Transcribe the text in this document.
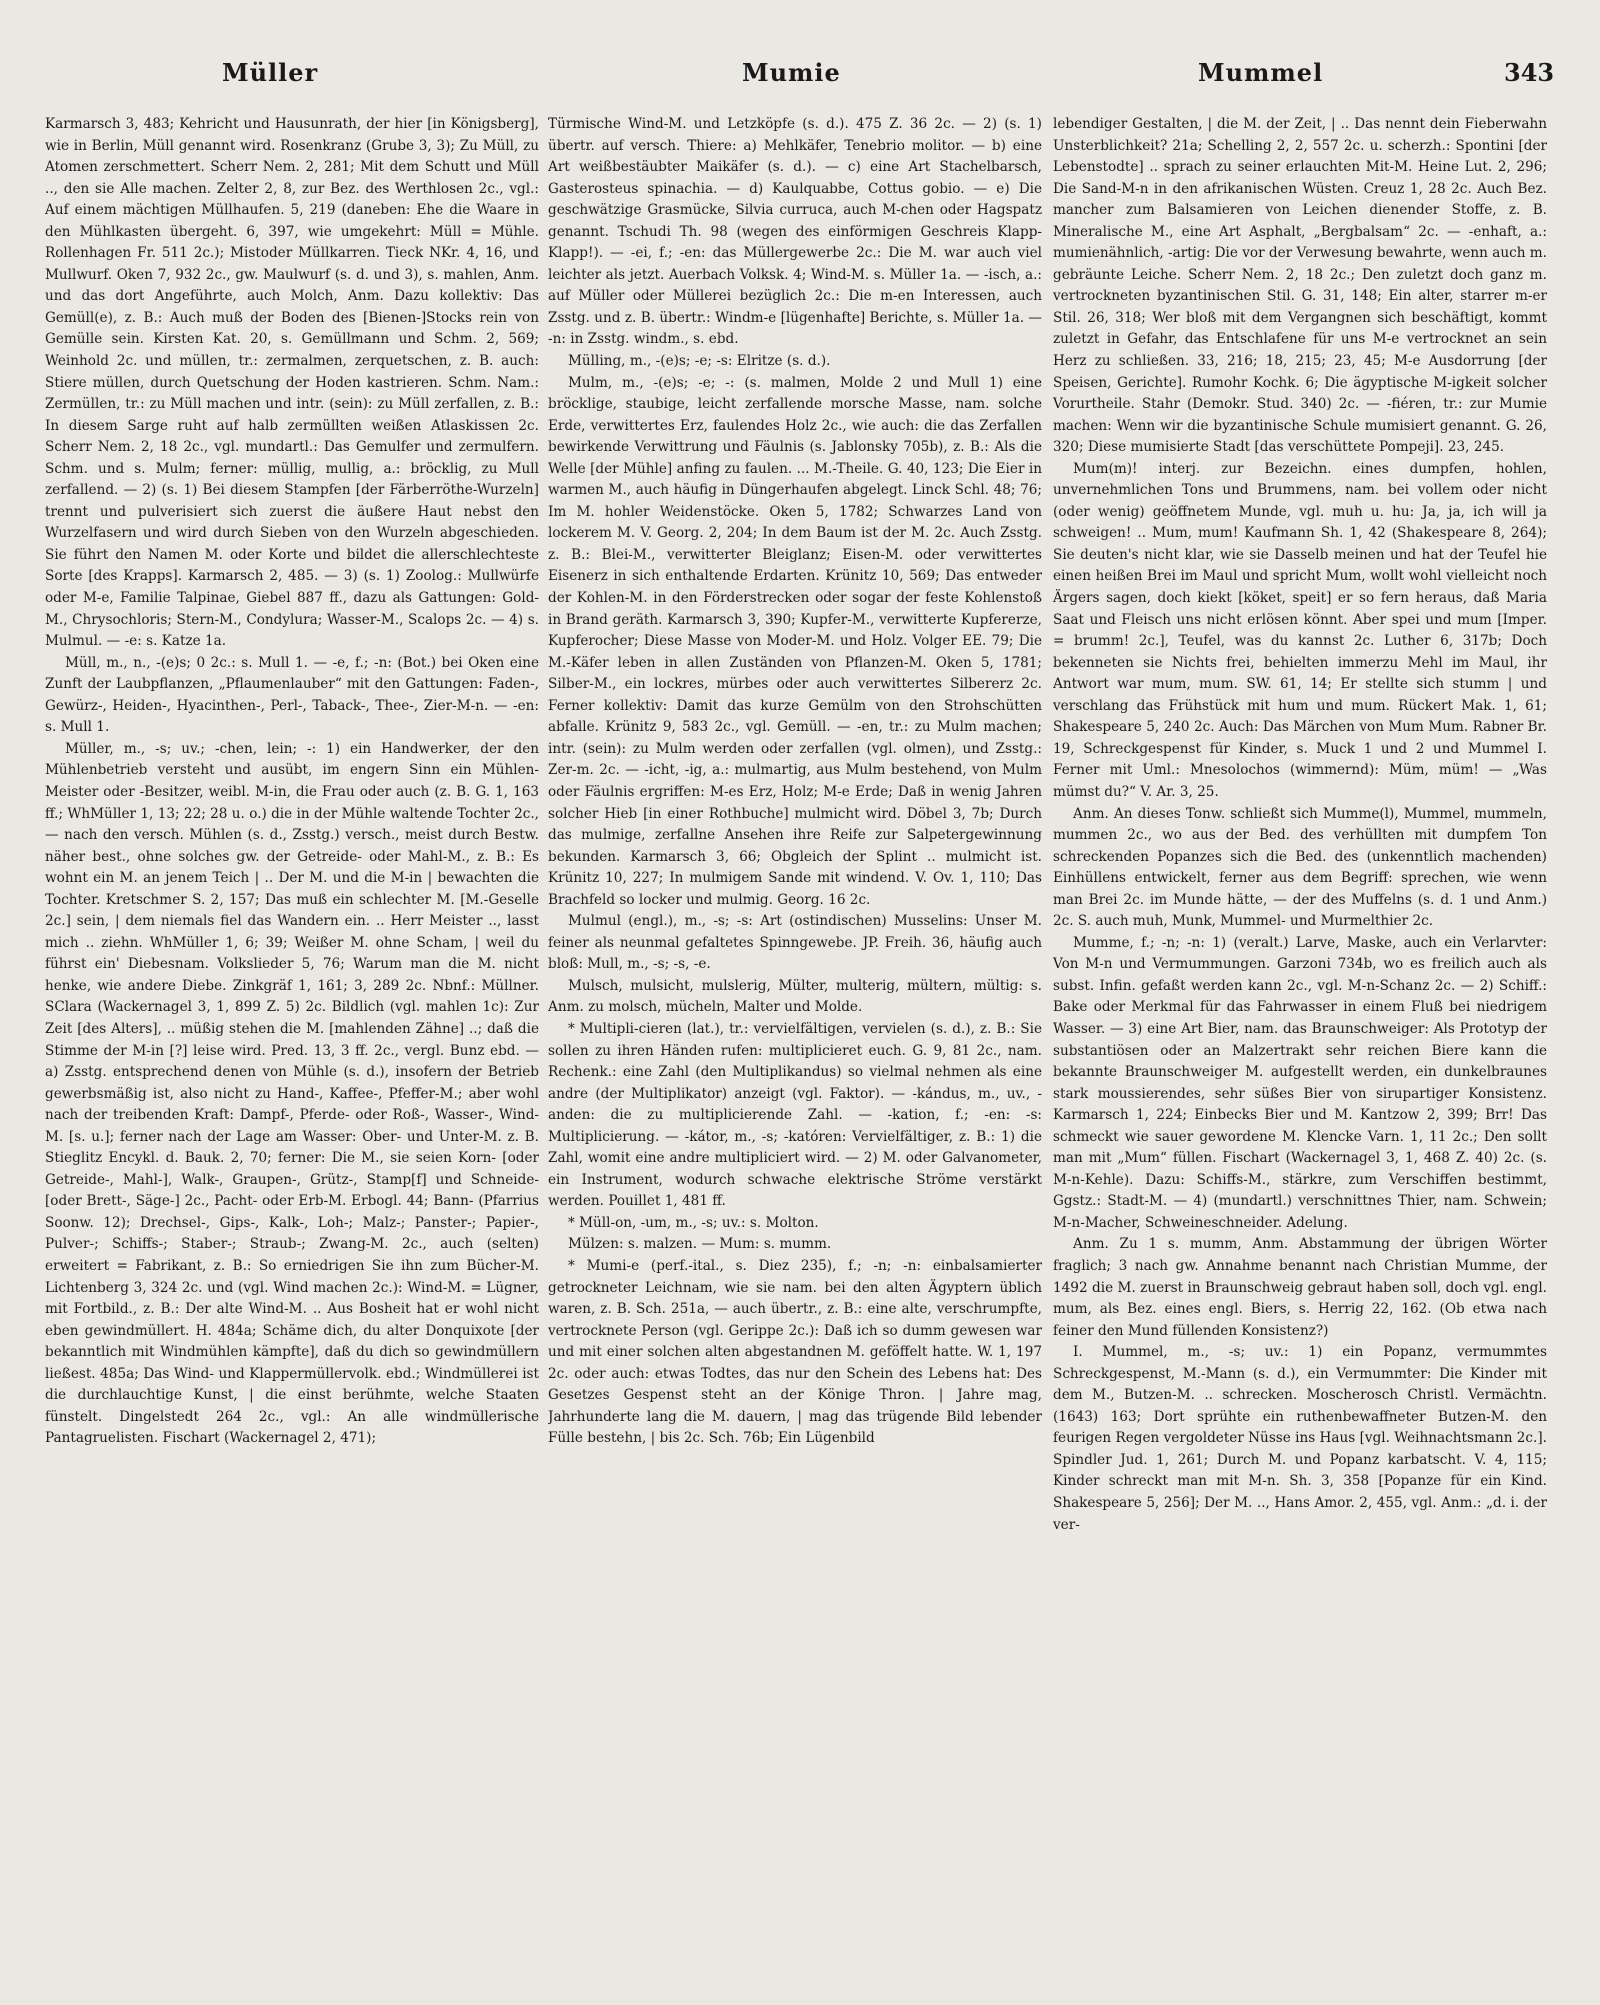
Müller	Mumie	Mummel	343

Karmarsch 3, 483; Kehricht und Hausunrath, der hier [in Königsberg], wie in Berlin, Müll genannt wird. Rosenkranz (Grube 3, 3); Zu Müll, zu Atomen zerschmettert. Scherr Nem. 2, 281; Mit dem Schutt und Müll .., den sie Alle machen. Zelter 2, 8, zur Bez. des Werthlosen 2c., vgl.: Auf einem mächtigen Müllhaufen. 5, 219 (daneben: Ehe die Waare in den Mühlkasten übergeht. 6, 397, wie umgekehrt: Müll = Mühle. Rollenhagen Fr. 511 2c.); Mistoder Müllkarren. Tieck NKr. 4, 16, und Mullwurf. Oken 7, 932 2c., gw. Maulwurf (s. d. und 3), s. mahlen, Anm. und das dort Angeführte, auch Molch, Anm. Dazu kollektiv: Das Gemüll(e), z. B.: Auch muß der Boden des [Bienen-]Stocks rein von Gemülle sein. Kirsten Kat. 20, s. Gemüllmann und Schm. 2, 569; Weinhold 2c. und müllen, tr.: zermalmen, zerquetschen, z. B. auch: Stiere müllen, durch Quetschung der Hoden kastrieren. Schm. Nam.: Zermüllen, tr.: zu Müll machen und intr. (sein): zu Müll zerfallen, z. B.: In diesem Sarge ruht auf halb zermüllten weißen Atlaskissen 2c. Scherr Nem. 2, 18 2c., vgl. mundartl.: Das Gemulfer und zermulfern. Schm. und s. Mulm; ferner: müllig, mullig, a.: bröcklig, zu Mull zerfallend. — 2) (s. 1) Bei diesem Stampfen [der Färberröthe-Wurzeln] trennt und pulverisiert sich zuerst die äußere Haut nebst den Wurzelfasern und wird durch Sieben von den Wurzeln abgeschieden. Sie führt den Namen M. oder Korte und bildet die allerschlechteste Sorte [des Krapps]. Karmarsch 2, 485. — 3) (s. 1) Zoolog.: Mullwürfe oder M-e, Familie Talpinae, Giebel 887 ff., dazu als Gattungen: Gold-M., Chrysochloris; Stern-M., Condylura; Wasser-M., Scalops 2c. — 4) s. Mulmul. — -e: s. Katze 1a.

Müll, m., n., -(e)s; 0 2c.: s. Mull 1. — -e, f.; -n: (Bot.) bei Oken eine Zunft der Laubpflanzen, „Pflaumenlauber“ mit den Gattungen: Faden-, Gewürz-, Heiden-, Hyacinthen-, Perl-, Taback-, Thee-, Zier-M-n. — -en: s. Mull 1.

Müller, m., -s; uv.; -chen, lein; -: 1) ein Handwerker, der den Mühlenbetrieb versteht und ausübt, im engern Sinn ein Mühlen-Meister oder -Besitzer, weibl. M-in, die Frau oder auch (z. B. G. 1, 163 ff.; WhMüller 1, 13; 22; 28 u. o.) die in der Mühle waltende Tochter 2c., — nach den versch. Mühlen (s. d., Zsstg.) versch., meist durch Bestw. näher best., ohne solches gw. der Getreide- oder Mahl-M., z. B.: Es wohnt ein M. an jenem Teich | .. Der M. und die M-in | bewachten die Tochter. Kretschmer S. 2, 157; Das muß ein schlechter M. [M.-Geselle 2c.] sein, | dem niemals fiel das Wandern ein. .. Herr Meister .., lasst mich .. ziehn. WhMüller 1, 6; 39; Weißer M. ohne Scham, | weil du führst ein' Diebesnam. Volkslieder 5, 76; Warum man die M. nicht henke, wie andere Diebe. Zinkgräf 1, 161; 3, 289 2c. Nbnf.: Müllner. SClara (Wackernagel 3, 1, 899 Z. 5) 2c. Bildlich (vgl. mahlen 1c): Zur Zeit [des Alters], .. müßig stehen die M. [mahlenden Zähne] ..; daß die Stimme der M-in [?] leise wird. Pred. 13, 3 ff. 2c., vergl. Bunz ebd. — a) Zsstg. entsprechend denen von Mühle (s. d.), insofern der Betrieb gewerbsmäßig ist, also nicht zu Hand-, Kaffee-, Pfeffer-M.; aber wohl nach der treibenden Kraft: Dampf-, Pferde- oder Roß-, Wasser-, Wind-M. [s. u.]; ferner nach der Lage am Wasser: Ober- und Unter-M. z. B. Stieglitz Encykl. d. Bauk. 2, 70; ferner: Die M., sie seien Korn- [oder Getreide-, Mahl-], Walk-, Graupen-, Grütz-, Stamp[f] und Schneide- [oder Brett-, Säge-] 2c., Pacht- oder Erb-M. Erbogl. 44; Bann- (Pfarrius Soonw. 12); Drechsel-, Gips-, Kalk-, Loh-; Malz-; Panster-; Papier-, Pulver-; Schiffs-; Staber-; Straub-; Zwang-M. 2c., auch (selten) erweitert = Fabrikant, z. B.: So erniedrigen Sie ihn zum Bücher-M. Lichtenberg 3, 324 2c. und (vgl. Wind machen 2c.): Wind-M. = Lügner, mit Fortbild., z. B.: Der alte Wind-M. .. Aus Bosheit hat er wohl nicht eben gewindmüllert. H. 484a; Schäme dich, du alter Donquixote [der bekanntlich mit Windmühlen kämpfte], daß du dich so gewindmüllern ließest. 485a; Das Wind- und Klappermüllervolk. ebd.; Windmüllerei ist die durchlauchtige Kunst, | die einst berühmte, welche Staaten fünstelt. Dingelstedt 264 2c., vgl.: An alle windmüllerische Pantagruelisten. Fischart (Wackernagel 2, 471);

Türmische Wind-M. und Letzköpfe (s. d.). 475 Z. 36 2c. — 2) (s. 1) übertr. auf versch. Thiere: a) Mehlkäfer, Tenebrio molitor. — b) eine Art weißbestäubter Maikäfer (s. d.). — c) eine Art Stachelbarsch, Gasterosteus spinachia. — d) Kaulquabbe, Cottus gobio. — e) Die geschwätzige Grasmücke, Silvia curruca, auch M-chen oder Hagspatz genannt. Tschudi Th. 98 (wegen des einförmigen Geschreis Klapp-Klapp!). — -ei, f.; -en: das Müllergewerbe 2c.: Die M. war auch viel leichter als jetzt. Auerbach Volksk. 4; Wind-M. s. Müller 1a. — -isch, a.: auf Müller oder Müllerei bezüglich 2c.: Die m-en Interessen, auch Zsstg. und z. B. übertr.: Windm-e [lügenhafte] Berichte, s. Müller 1a. — -n: in Zsstg. windm., s. ebd.

Mülling, m., -(e)s; -e; -s: Elritze (s. d.).

Mulm, m., -(e)s; -e; -: (s. malmen, Molde 2 und Mull 1) eine bröcklige, staubige, leicht zerfallende morsche Masse, nam. solche Erde, verwittertes Erz, faulendes Holz 2c., wie auch: die das Zerfallen bewirkende Verwittrung und Fäulnis (s. Jablonsky 705b), z. B.: Als die Welle [der Mühle] anfing zu faulen. ... M.-Theile. G. 40, 123; Die Eier in warmen M., auch häufig in Düngerhaufen abgelegt. Linck Schl. 48; 76; Im M. hohler Weidenstöcke. Oken 5, 1782; Schwarzes Land von lockerem M. V. Georg. 2, 204; In dem Baum ist der M. 2c. Auch Zsstg. z. B.: Blei-M., verwitterter Bleiglanz; Eisen-M. oder verwittertes Eisenerz in sich enthaltende Erdarten. Krünitz 10, 569; Das entweder der Kohlen-M. in den Förderstrecken oder sogar der feste Kohlenstoß in Brand geräth. Karmarsch 3, 390; Kupfer-M., verwitterte Kupfererze, Kupferocher; Diese Masse von Moder-M. und Holz. Volger EE. 79; Die M.-Käfer leben in allen Zuständen von Pflanzen-M. Oken 5, 1781; Silber-M., ein lockres, mürbes oder auch verwittertes Silbererz 2c. Ferner kollektiv: Damit das kurze Gemülm von den Strohschütten abfalle. Krünitz 9, 583 2c., vgl. Gemüll. — -en, tr.: zu Mulm machen; intr. (sein): zu Mulm werden oder zerfallen (vgl. olmen), und Zsstg.: Zer-m. 2c. — -icht, -ig, a.: mulmartig, aus Mulm bestehend, von Mulm oder Fäulnis ergriffen: M-es Erz, Holz; M-e Erde; Daß in wenig Jahren solcher Hieb [in einer Rothbuche] mulmicht wird. Döbel 3, 7b; Durch das mulmige, zerfallne Ansehen ihre Reife zur Salpetergewinnung bekunden. Karmarsch 3, 66; Obgleich der Splint .. mulmicht ist. Krünitz 10, 227; In mulmigem Sande mit windend. V. Ov. 1, 110; Das Brachfeld so locker und mulmig. Georg. 16 2c.

Mulmul (engl.), m., -s; -s: Art (ostindischen) Musselins: Unser M. feiner als neunmal gefaltetes Spinngewebe. JP. Freih. 36, häufig auch bloß: Mull, m., -s; -s, -e.

Mulsch, mulsicht, mulslerig, Mülter, multerig, mültern, mültig: s. Anm. zu molsch, mücheln, Malter und Molde.

* Multipli-cieren (lat.), tr.: vervielfältigen, vervielen (s. d.), z. B.: Sie sollen zu ihren Händen rufen: multiplicieret euch. G. 9, 81 2c., nam. Rechenk.: eine Zahl (den Multiplikandus) so vielmal nehmen als eine andre (der Multiplikator) anzeigt (vgl. Faktor). — -kándus, m., uv., -anden: die zu multiplicierende Zahl. — -kation, f.; -en: -s: Multiplicierung. — -kátor, m., -s; -katóren: Vervielfältiger, z. B.: 1) die Zahl, womit eine andre multipliciert wird. — 2) M. oder Galvanometer, ein Instrument, wodurch schwache elektrische Ströme verstärkt werden. Pouillet 1, 481 ff.

* Müll-on, -um, m., -s; uv.: s. Molton.

Mülzen: s. malzen. — Mum: s. mumm.

* Mumi-e (perf.-ital., s. Diez 235), f.; -n; -n: einbalsamierter getrockneter Leichnam, wie sie nam. bei den alten Ägyptern üblich waren, z. B. Sch. 251a, — auch übertr., z. B.: eine alte, verschrumpfte, vertrocknete Person (vgl. Gerippe 2c.): Daß ich so dumm gewesen war und mit einer solchen alten abgestandnen M. geföffelt hatte. W. 1, 197 2c. oder auch: etwas Todtes, das nur den Schein des Lebens hat: Des Gesetzes Gespenst steht an der Könige Thron. | Jahre mag, Jahrhunderte lang die M. dauern, | mag das trügende Bild lebender Fülle bestehn, | bis 2c. Sch. 76b; Ein Lügenbild

lebendiger Gestalten, | die M. der Zeit, | .. Das nennt dein Fieberwahn Unsterblichkeit? 21a; Schelling 2, 2, 557 2c. u. scherzh.: Spontini [der Lebenstodte] .. sprach zu seiner erlauchten Mit-M. Heine Lut. 2, 296; Die Sand-M-n in den afrikanischen Wüsten. Creuz 1, 28 2c. Auch Bez. mancher zum Balsamieren von Leichen dienender Stoffe, z. B. Mineralische M., eine Art Asphalt, „Bergbalsam“ 2c. — -enhaft, a.: mumienähnlich, -artig: Die vor der Verwesung bewahrte, wenn auch m. gebräunte Leiche. Scherr Nem. 2, 18 2c.; Den zuletzt doch ganz m. vertrockneten byzantinischen Stil. G. 31, 148; Ein alter, starrer m-er Stil. 26, 318; Wer bloß mit dem Vergangnen sich beschäftigt, kommt zuletzt in Gefahr, das Entschlafene für uns M-e vertrocknet an sein Herz zu schließen. 33, 216; 18, 215; 23, 45; M-e Ausdorrung [der Speisen, Gerichte]. Rumohr Kochk. 6; Die ägyptische M-igkeit solcher Vorurtheile. Stahr (Demokr. Stud. 340) 2c. — -fiéren, tr.: zur Mumie machen: Wenn wir die byzantinische Schule mumisiert genannt. G. 26, 320; Diese mumisierte Stadt [das verschüttete Pompeji]. 23, 245.

Mum(m)! interj. zur Bezeichn. eines dumpfen, hohlen, unvernehmlichen Tons und Brummens, nam. bei vollem oder nicht (oder wenig) geöffnetem Munde, vgl. muh u. hu: Ja, ja, ich will ja schweigen! .. Mum, mum! Kaufmann Sh. 1, 42 (Shakespeare 8, 264); Sie deuten's nicht klar, wie sie Dasselb meinen und hat der Teufel hie einen heißen Brei im Maul und spricht Mum, wollt wohl vielleicht noch Ärgers sagen, doch kiekt [köket, speit] er so fern heraus, daß Maria Saat und Fleisch uns nicht erlösen könnt. Aber spei und mum [Imper. = brumm! 2c.], Teufel, was du kannst 2c. Luther 6, 317b; Doch bekenneten sie Nichts frei, behielten immerzu Mehl im Maul, ihr Antwort war mum, mum. SW. 61, 14; Er stellte sich stumm | und verschlang das Frühstück mit hum und mum. Rückert Mak. 1, 61; Shakespeare 5, 240 2c. Auch: Das Märchen von Mum Mum. Rabner Br. 19, Schreckgespenst für Kinder, s. Muck 1 und 2 und Mummel I. Ferner mit Uml.: Mnesolochos (wimmernd): Müm, müm! — „Was mümst du?“ V. Ar. 3, 25.

Anm. An dieses Tonw. schließt sich Mumme(l), Mummel, mummeln, mummen 2c., wo aus der Bed. des verhüllten mit dumpfem Ton schreckenden Popanzes sich die Bed. des (unkenntlich machenden) Einhüllens entwickelt, ferner aus dem Begriff: sprechen, wie wenn man Brei 2c. im Munde hätte, — der des Muffelns (s. d. 1 und Anm.) 2c. S. auch muh, Munk, Mummel- und Murmelthier 2c.

Mumme, f.; -n; -n: 1) (veralt.) Larve, Maske, auch ein Verlarvter: Von M-n und Vermummungen. Garzoni 734b, wo es freilich auch als subst. Infin. gefaßt werden kann 2c., vgl. M-n-Schanz 2c. — 2) Schiff.: Bake oder Merkmal für das Fahrwasser in einem Fluß bei niedrigem Wasser. — 3) eine Art Bier, nam. das Braunschweiger: Als Prototyp der substantiösen oder an Malzertrakt sehr reichen Biere kann die bekannte Braunschweiger M. aufgestellt werden, ein dunkelbraunes stark moussierendes, sehr süßes Bier von sirupartiger Konsistenz. Karmarsch 1, 224; Einbecks Bier und M. Kantzow 2, 399; Brr! Das schmeckt wie sauer gewordene M. Klencke Varn. 1, 11 2c.; Den sollt man mit „Mum“ füllen. Fischart (Wackernagel 3, 1, 468 Z. 40) 2c. (s. M-n-Kehle). Dazu: Schiffs-M., stärkre, zum Verschiffen bestimmt, Ggstz.: Stadt-M. — 4) (mundartl.) verschnittnes Thier, nam. Schwein; M-n-Macher, Schweineschneider. Adelung.

Anm. Zu 1 s. mumm, Anm. Abstammung der übrigen Wörter fraglich; 3 nach gw. Annahme benannt nach Christian Mumme, der 1492 die M. zuerst in Braunschweig gebraut haben soll, doch vgl. engl. mum, als Bez. eines engl. Biers, s. Herrig 22, 162. (Ob etwa nach feiner den Mund füllenden Konsistenz?)

I. Mummel, m., -s; uv.: 1) ein Popanz, vermummtes Schreckgespenst, M.-Mann (s. d.), ein Vermummter: Die Kinder mit dem M., Butzen-M. .. schrecken. Moscherosch Christl. Vermächtn. (1643) 163; Dort sprühte ein ruthenbewaffneter Butzen-M. den feurigen Regen vergoldeter Nüsse ins Haus [vgl. Weihnachtsmann 2c.]. Spindler Jud. 1, 261; Durch M. und Popanz karbatscht. V. 4, 115; Kinder schreckt man mit M-n. Sh. 3, 358 [Popanze für ein Kind. Shakespeare 5, 256]; Der M. .., Hans Amor. 2, 455, vgl. Anm.: „d. i. der ver-
